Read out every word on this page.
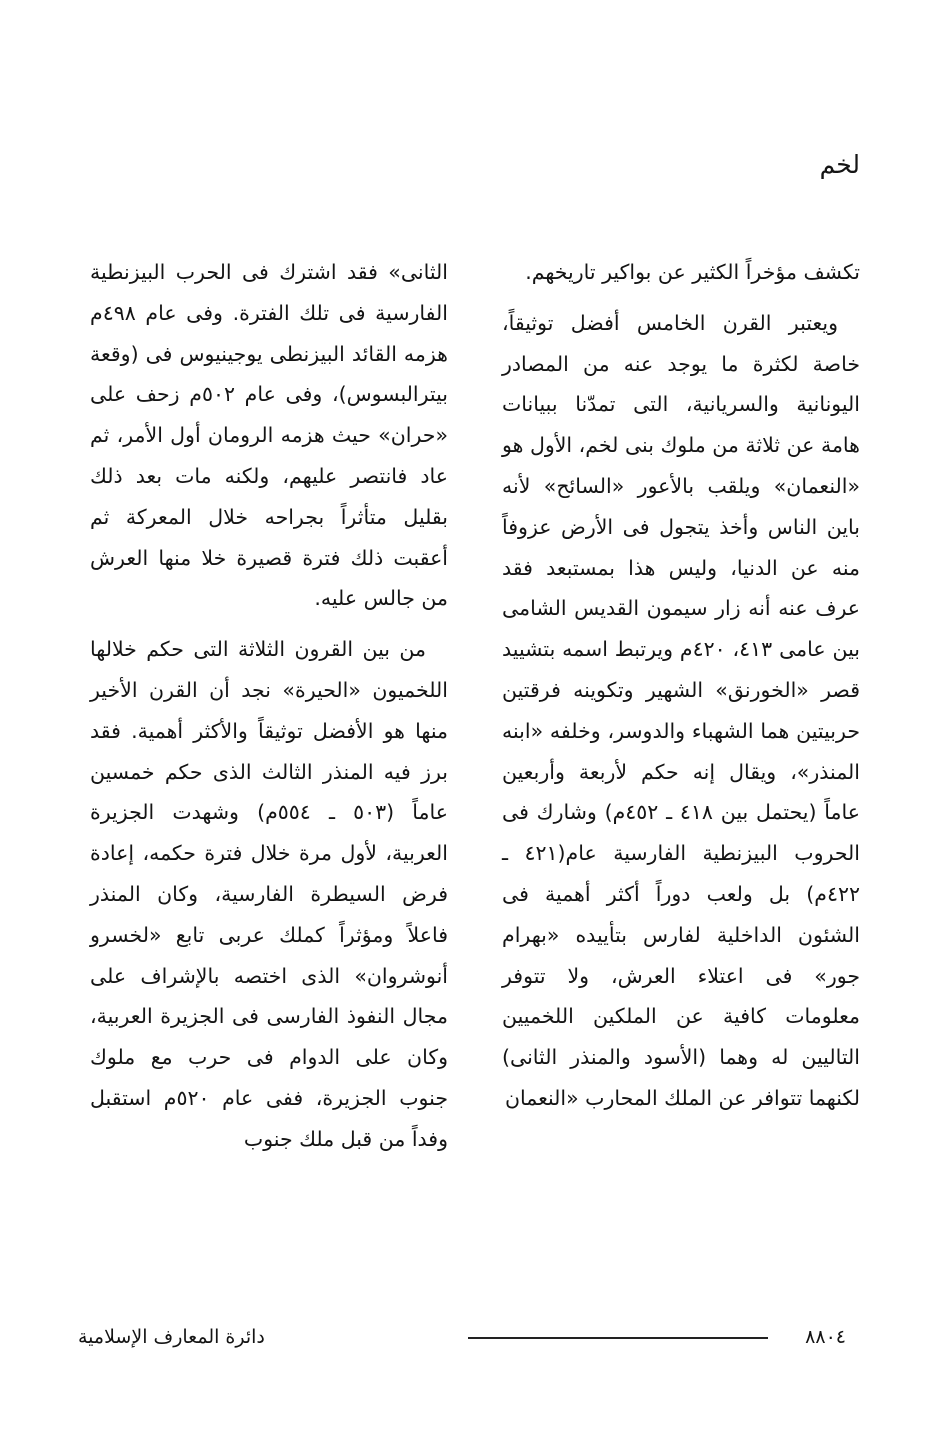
لخم

تكشف مؤخراً الكثير عن بواكير تاريخهم.

ويعتبر القرن الخامس أفضل توثيقاً، خاصة لكثرة ما يوجد عنه من المصادر اليونانية والسريانية، التى تمدّنا ببيانات هامة عن ثلاثة من ملوك بنى لخم، الأول هو «النعمان» ويلقب بالأعور «السائح» لأنه باين الناس وأخذ يتجول فى الأرض عزوفاً منه عن الدنيا، وليس هذا بمستبعد فقد عرف عنه أنه زار سيمون القديس الشامى بين عامى ٤١٣، ٤٢٠م ويرتبط اسمه بتشييد قصر «الخورنق» الشهير وتكوينه فرقتين حربيتين هما الشهباء والدوسر، وخلفه «ابنه المنذر»، ويقال إنه حكم لأربعة وأربعين عاماً (يحتمل بين ٤١٨ ـ ٤٥٢م) وشارك فى الحروب البيزنطية الفارسية عام(٤٢١ ـ ٤٢٢م) بل ولعب دوراً أكثر أهمية فى الشئون الداخلية لفارس بتأييده «بهرام جور» فى اعتلاء العرش، ولا تتوفر معلومات كافية عن الملكين اللخميين التاليين له وهما (الأسود والمنذر الثانى) لكنهما تتوافر عن الملك المحارب «النعمان

الثانى» فقد اشترك فى الحرب البيزنطية الفارسية فى تلك الفترة. وفى عام ٤٩٨م هزمه القائد البيزنطى يوجينيوس فى (وقعة بيترالبسوس)، وفى عام ٥٠٢م زحف على «حران» حيث هزمه الرومان أول الأمر، ثم عاد فانتصر عليهم، ولكنه مات بعد ذلك بقليل متأثراً بجراحه خلال المعركة ثم أعقبت ذلك فترة قصيرة خلا منها العرش من جالس عليه.

من بين القرون الثلاثة التى حكم خلالها اللخميون «الحيرة» نجد أن القرن الأخير منها هو الأفضل توثيقاً والأكثر أهمية. فقد برز فيه المنذر الثالث الذى حكم خمسين عاماً (٥٠٣ ـ ٥٥٤م) وشهدت الجزيرة العربية، لأول مرة خلال فترة حكمه، إعادة فرض السيطرة الفارسية، وكان المنذر فاعلاً ومؤثراً كملك عربى تابع «لخسرو أنوشروان» الذى اختصه بالإشراف على مجال النفوذ الفارسى فى الجزيرة العربية، وكان على الدوام فى حرب مع ملوك جنوب الجزيرة، ففى عام ٥٢٠م استقبل وفداً من قبل ملك جنوب

٨٨٠٤
دائرة المعارف الإسلامية
